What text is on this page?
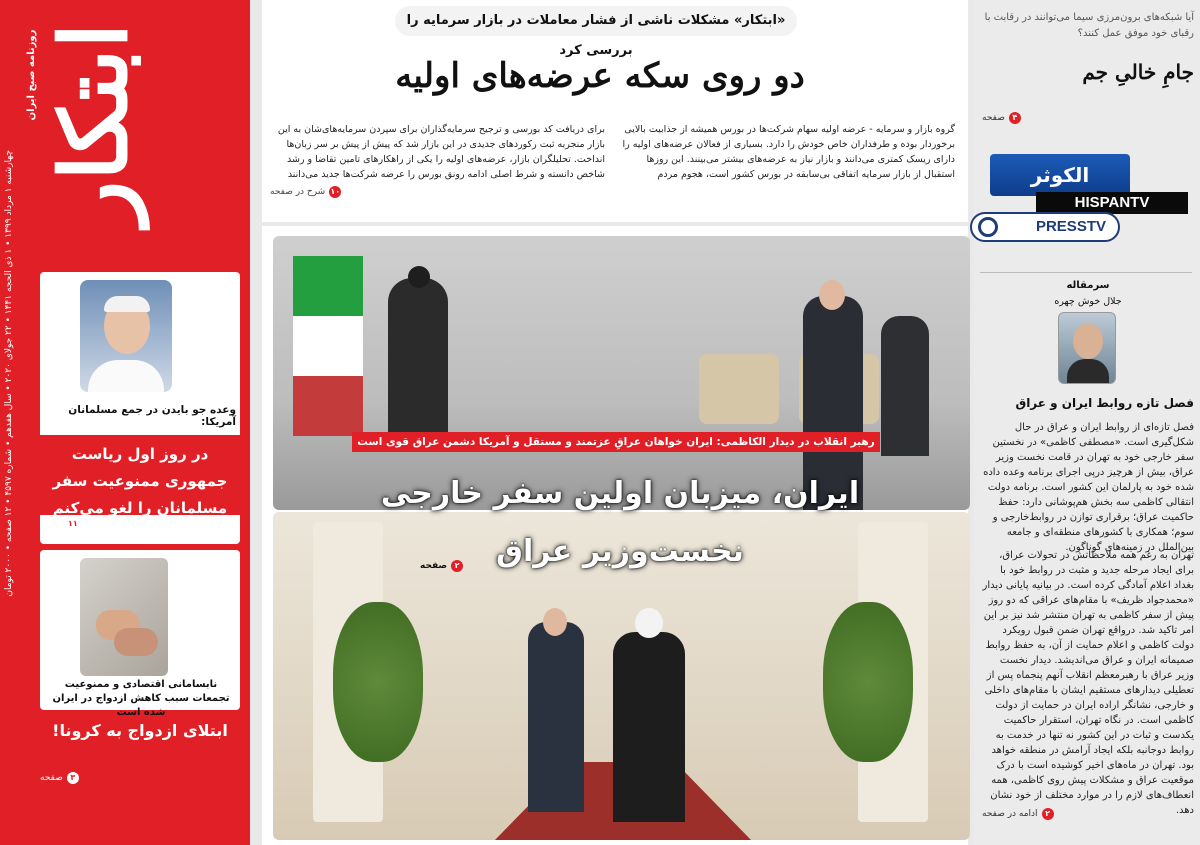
ابتکار
روزنامه صبح ایران
چهارشنبه ۱ مرداد ۱۳۹۹ • ۱ ذی الحجه ۱۴۴۱ • ۲۲ جولای ۲۰۲۰ • سال هفدهم • شماره ۴۵۹۷ • ۱۲ صفحه • ۲۰۰۰ تومان
وعده جو بایدن در جمع مسلمانان آمریکا:
در روز اول ریاست جمهوری ممنوعیت سفر مسلمانان را لغو می‌کنم
۱۱صفحه
نابسامانی اقتصادی و ممنوعیت تجمعات سبب کاهش ازدواج در ایران شده است
ابتلای ازدواج به کرونا!
۳صفحه
«ابتکار» مشکلات ناشی از فشار معاملات در بازار سرمایه را بررسی کرد
دو روی سکه عرضه‌های اولیه
گروه بازار و سرمایه - عرضه اولیه سهام شرکت‌ها در بورس همیشه از جذابیت بالایی برخوردار بوده و طرفداران خاص خودش را دارد. بسیاری از فعالان عرضه‌های اولیه را دارای ریسک کمتری می‌دانند و بازار نیاز به عرضه‌های بیشتر می‌بینند. این روزها استقبال از بازار سرمایه اتفاقی بی‌سابقه در بورس کشور است، هجوم مردم
برای دریافت کد بورسی و ترجیح سرمایه‌گذاران برای سپردن سرمایه‌های‌شان به این بازار منجربه ثبت رکوردهای جدیدی در این بازار شد که پیش از پیش بر سر زبان‌ها انداخت. تحلیلگران بازار، عرضه‌های اولیه را یکی از راهکارهای تامین تقاضا و رشد شاخص دانسته و شرط اصلی ادامه رونق بورس را عرضه شرکت‌ها جدید می‌دانند
۱۰شرح در صفحه
رهبر انقلاب در دیدار الکاظمی: ایران خواهان عراقِ عزتمند و مستقل و آمریکا دشمن عراق قوی است
ایران، میزبان اولین سفر خارجی
نخست‌وزیر عراق
۲صفحه
آیا شبکه‌های برون‌مرزی سیما می‌توانند در رقابت با رقبای خود موفق عمل کنند؟
جامِ خالیِ جم
۴صفحه
الكوثر
HISPANTV
PRESSTV
سرمقاله
جلال خوش چهره
فصل تازه روابط ایران و عراق
فصل تازه‌ای از روابط ایران و عراق در حال شکل‌گیری است. «مصطفی کاظمی» در نخستین سفر خارجی خود به تهران در قامت نخست وزیر عراق، بیش از هرچیز درپی اجرای برنامه وعده داده شده خود به پارلمان این کشور است. برنامه دولت انتقالی کاظمی سه بخش هم‌پوشانی دارد: حفظ حاکمیت عراق؛ برقراری توازن در روابط‌خارجی و سوم؛ همکاری با کشورهای منطقه‌ای و جامعه بین‌الملل در زمینه‌های گوناگون.
تهران به رغم همه ملاحظاتش در تحولات عراق، برای ایجاد مرحله جدید و مثبت در روابط خود با بغداد اعلام آمادگی کرده است. در بیانیه پایانی دیدار «محمدجواد ظریف» با مقام‌های عراقی که دو روز پیش از سفر کاظمی به تهران منتشر شد نیز بر این امر تاکید شد. درواقع تهران ضمن قبول رویکرد دولت کاظمی و اعلام حمایت از آن، به حفظ روابط صمیمانه ایران و عراق می‌اندیشد. دیدار نخست وزیر عراق با رهبرمعظم انقلاب آنهم پنجماه پس از تعطیلی دیدارهای مستقیم ایشان با مقام‌های داخلی و خارجی، نشانگر اراده ایران در حمایت از دولت کاظمی است. در نگاه تهران، استقرار حاکمیت یکدست و ثبات در این کشور نه تنها در خدمت به روابط دوجانبه بلکه ایجاد آرامش در منطقه خواهد بود. تهران در ماه‌های اخیر کوشیده است با درک موقعیت عراق و مشکلات پیش روی کاظمی، همه انعطاف‌های لازم را در موارد مختلف از خود نشان دهد.
۲ادامه در صفحه
